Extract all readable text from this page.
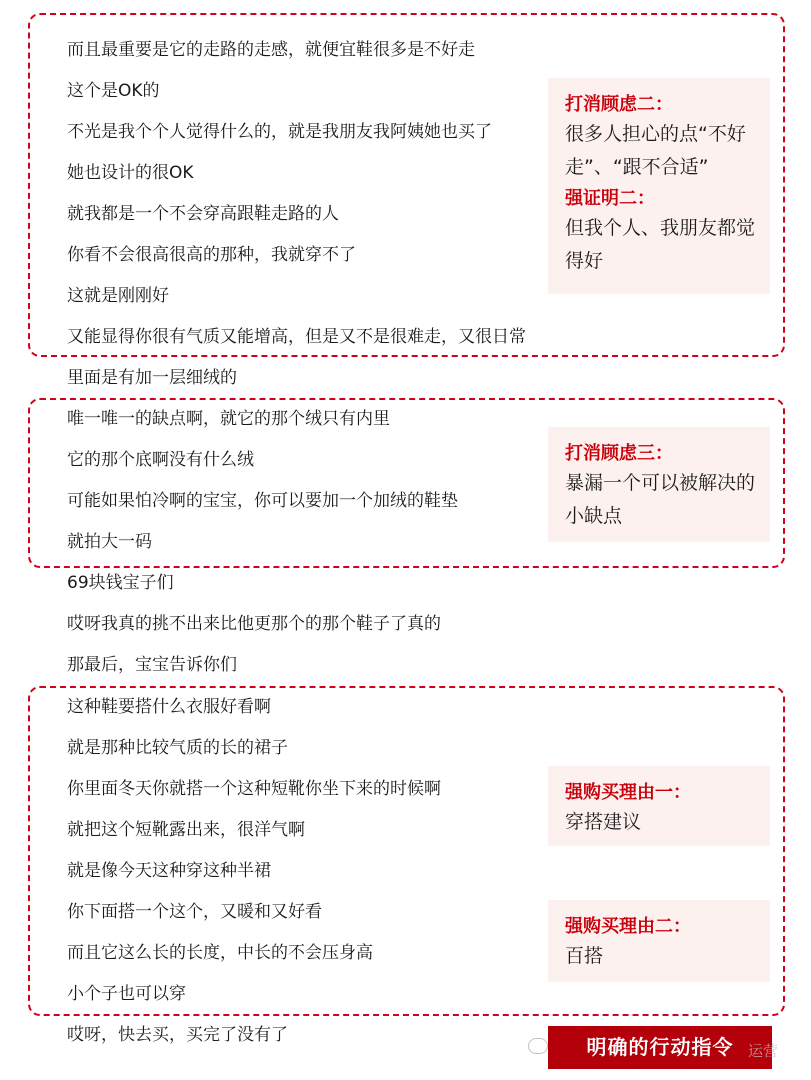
而且最重要是它的走路的走感，就便宜鞋很多是不好走
这个是OK的
不光是我个个人觉得什么的，就是我朋友我阿姨她也买了
她也设计的很OK
就我都是一个不会穿高跟鞋走路的人
你看不会很高很高的那种，我就穿不了
这就是刚刚好
又能显得你很有气质又能增高，但是又不是很难走，又很日常
里面是有加一层细绒的
唯一唯一的缺点啊，就它的那个绒只有内里
它的那个底啊没有什么绒
可能如果怕冷啊的宝宝，你可以要加一个加绒的鞋垫
就拍大一码
69块钱宝子们
哎呀我真的挑不出来比他更那个的那个鞋子了真的
那最后，宝宝告诉你们
这种鞋要搭什么衣服好看啊
就是那种比较气质的长的裙子
你里面冬天你就搭一个这种短靴你坐下来的时候啊
就把这个短靴露出来，很洋气啊
就是像今天这种穿这种半裙
你下面搭一个这个，又暖和又好看
而且它这么长的长度，中长的不会压身高
小个子也可以穿
哎呀，快去买，买完了没有了
打消顾虑二：
很多人担心的点“不好走”、“跟不合适”
强证明二：
但我个人、我朋友都觉得好
打消顾虑三：
暴漏一个可以被解决的小缺点
强购买理由一：
穿搭建议
强购买理由二：
百搭
明确的行动指令 运营
